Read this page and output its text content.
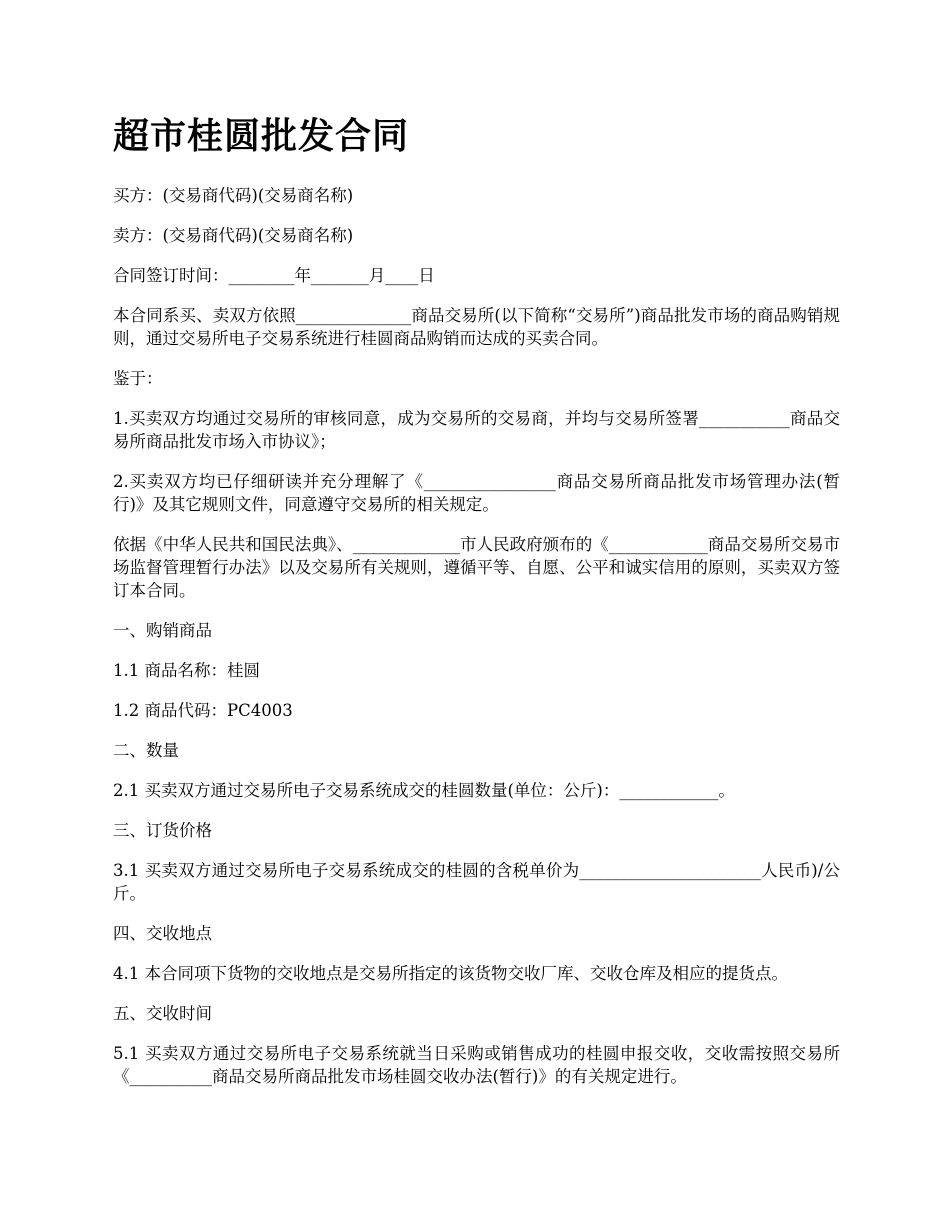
超市桂圆批发合同

买方：(交易商代码)(交易商名称)

卖方：(交易商代码)(交易商名称)

合同签订时间：________年_______月____日

本合同系买、卖双方依照______________商品交易所(以下简称“交易所”)商品批发市场的商品购销规则，通过交易所电子交易系统进行桂圆商品购销而达成的买卖合同。

鉴于：

1.买卖双方均通过交易所的审核同意，成为交易所的交易商，并均与交易所签署___________商品交易所商品批发市场入市协议》；

2.买卖双方均已仔细研读并充分理解了《________________商品交易所商品批发市场管理办法(暂行)》及其它规则文件，同意遵守交易所的相关规定。

依据《中华人民共和国民法典》、_____________市人民政府颁布的《____________商品交易所交易市场监督管理暂行办法》以及交易所有关规则，遵循平等、自愿、公平和诚实信用的原则，买卖双方签订本合同。

一、购销商品

1.1 商品名称：桂圆

1.2 商品代码：PC4003

二、数量

2.1 买卖双方通过交易所电子交易系统成交的桂圆数量(单位：公斤)：____________。

三、订货价格

3.1 买卖双方通过交易所电子交易系统成交的桂圆的含税单价为______________________人民币)/公斤。

四、交收地点

4.1 本合同项下货物的交收地点是交易所指定的该货物交收厂库、交收仓库及相应的提货点。

五、交收时间

5.1 买卖双方通过交易所电子交易系统就当日采购或销售成功的桂圆申报交收，交收需按照交易所《__________商品交易所商品批发市场桂圆交收办法(暂行)》的有关规定进行。
